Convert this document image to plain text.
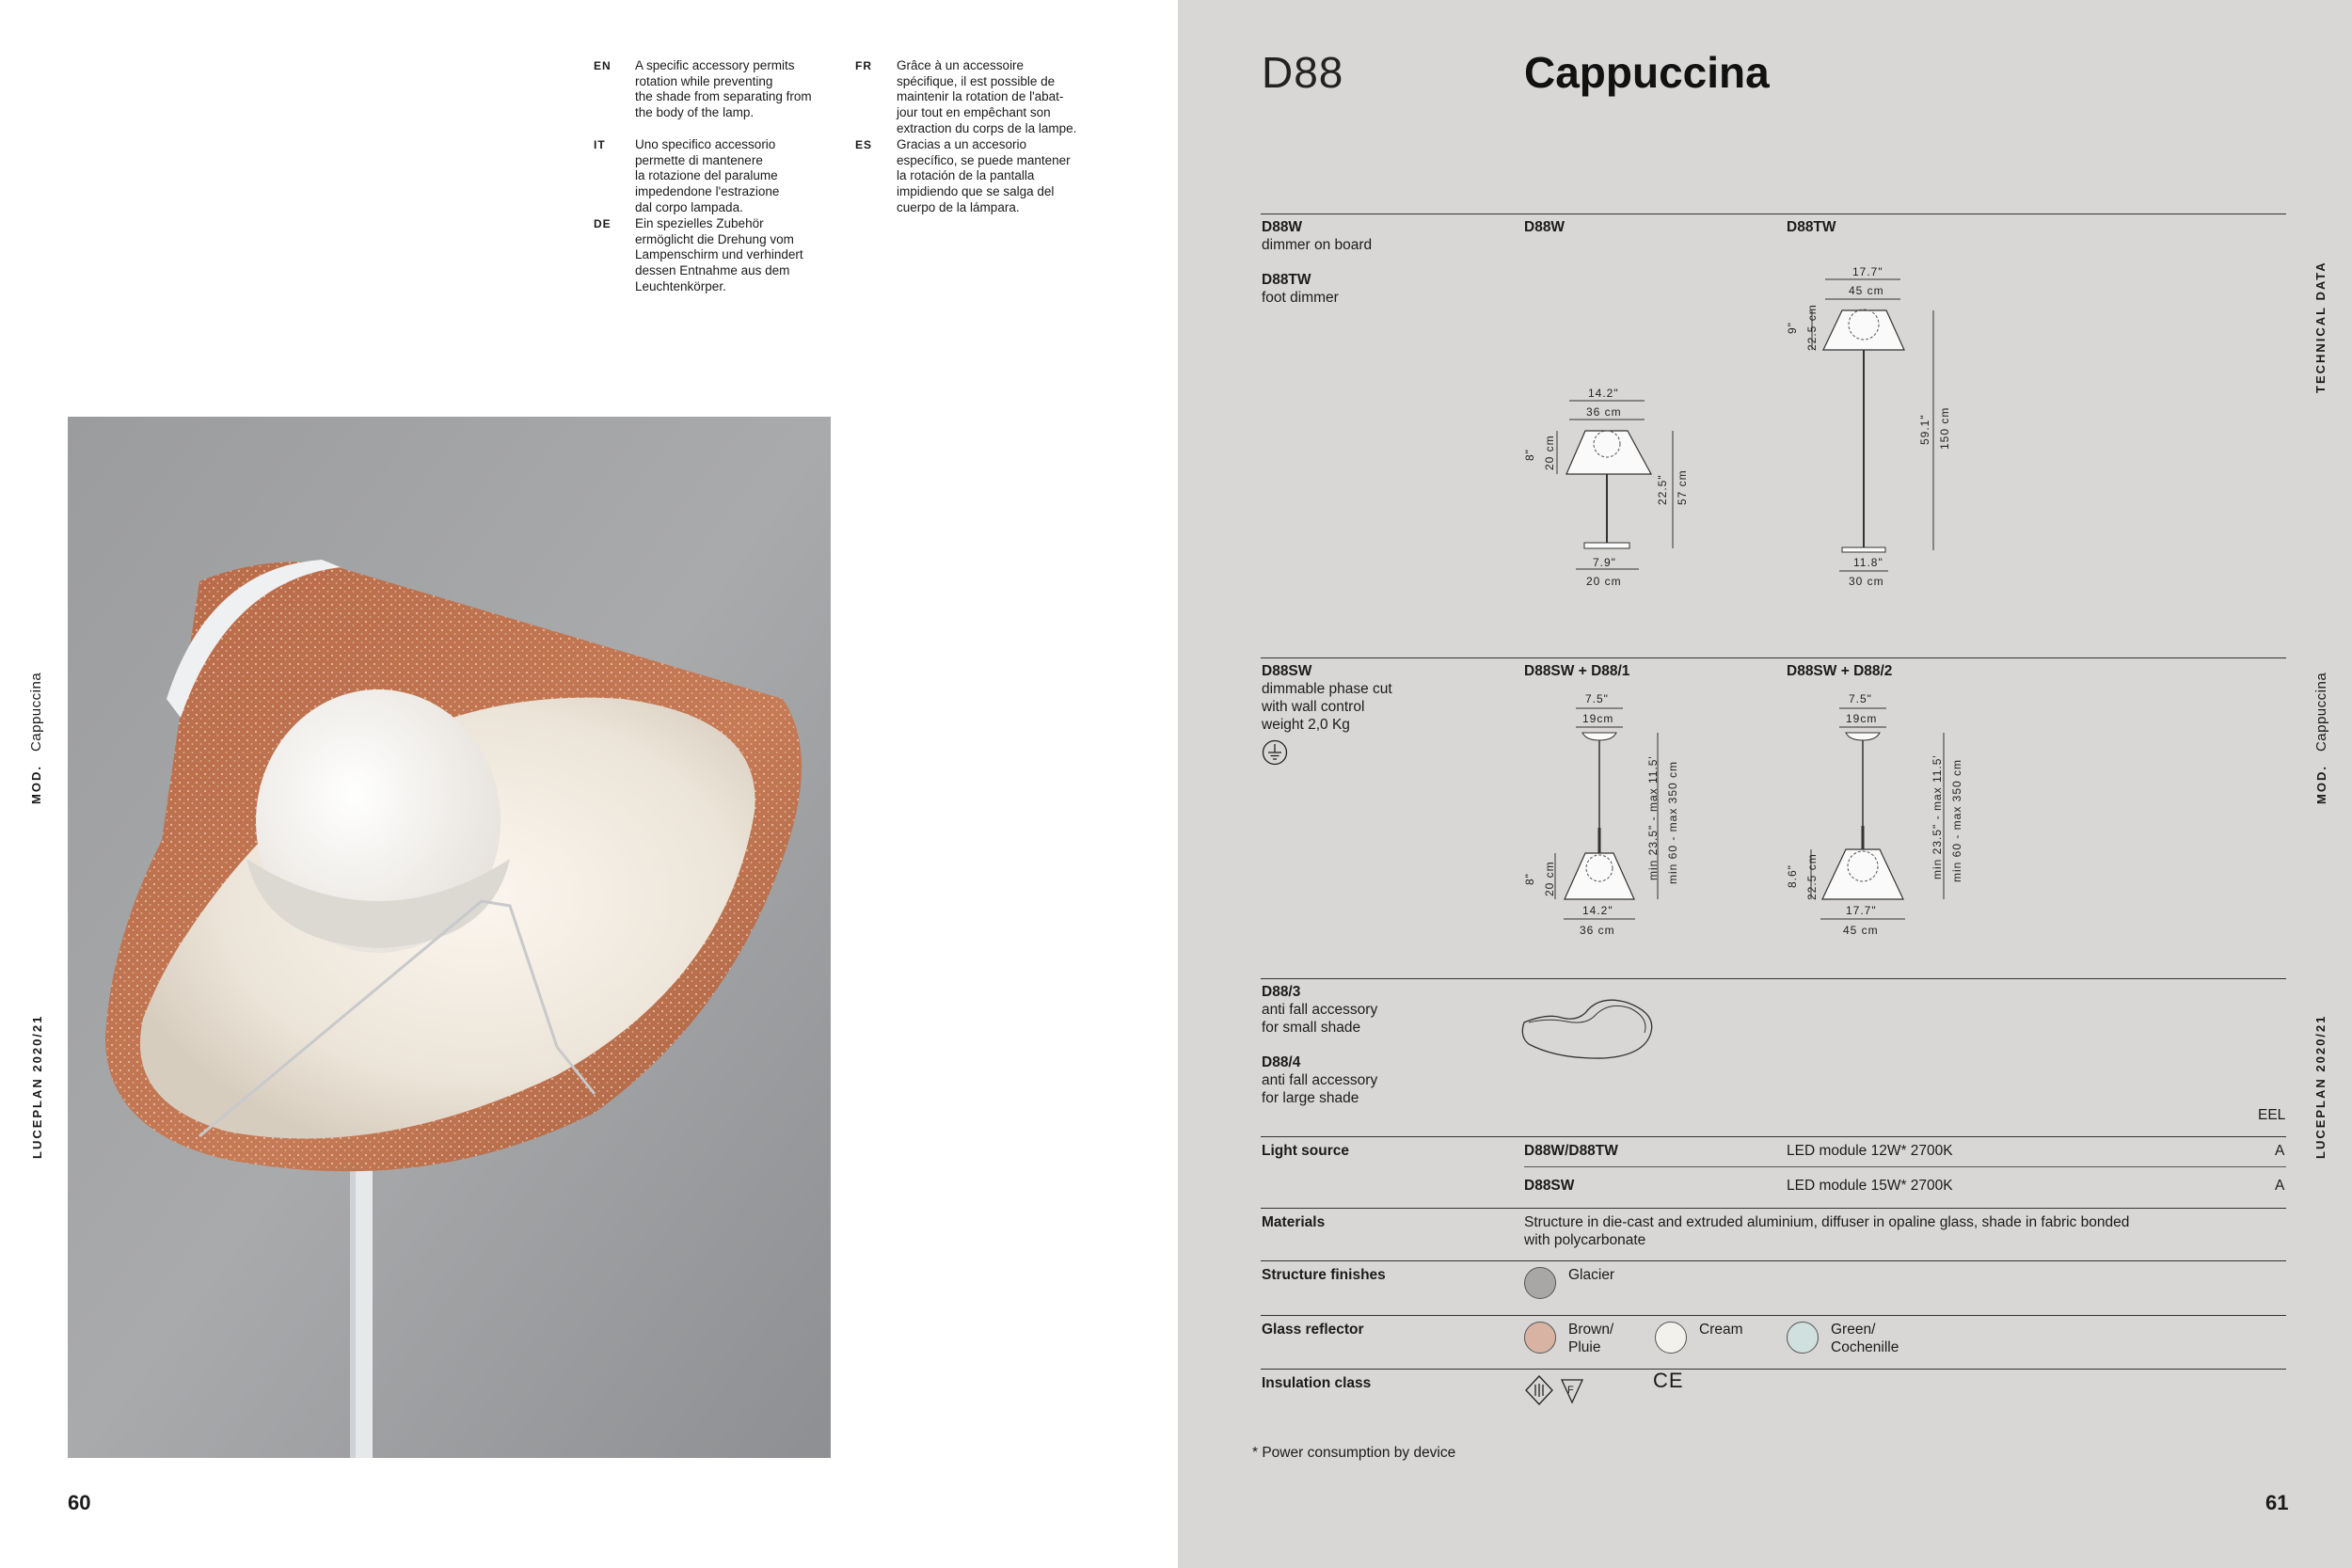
EN A specific accessory permits
rotation while preventing
the shade from separating from
the body of the lamp.
IT Uno specifico accessorio
permette di mantenere
la rotazione del paralume
impedendone l'estrazione
dal corpo lampada.
DE Ein spezielles Zubehör
ermöglicht die Drehung vom
Lampenschirm und verhindert
dessen Entnahme aus dem
Leuchtenkörper.
FR Grâce à un accessoire
spécifique, il est possible de
maintenir la rotation de l'abat-
jour tout en empêchant son
extraction du corps de la lampe.
ES Gracias a un accesorio
específico, se puede mantener
la rotación de la pantalla
impidiendo que se salga del
cuerpo de la lámpara.
MOD.Cappuccina
LUCEPLAN 2020/21
60
D88	Cappuccina
TECHNICAL DATA
MOD.Cappuccina
LUCEPLAN 2020/21
D88W
dimmer on board
D88TW
foot dimmer
D88W	D88TW
14.2"
36 cm
8" 20 cm
22.5" 57 cm
7.9"
20 cm
17.7"
45 cm
9" 22.5 cm
59.1" 150 cm
11.8"
30 cm
D88SW
dimmable phase cut
with wall control
weight 2,0 Kg
D88SW + D88/1	D88SW + D88/2
7.5"
19cm
8" 20 cm	min 23.5" - max 11.5' min 60 - max 350 cm
14.2"
36 cm
7.5"
19cm
8.6" 22.5 cm	min 23.5" - max 11.5' min 60 - max 350 cm
17.7"
45 cm
D88/3
anti fall accessory
for small shade
D88/4
anti fall accessory
for large shade
EEL
Light source	D88W/D88TW	LED module 12W* 2700K	A
D88SW	LED module 15W* 2700K	A
Materials	Structure in die-cast and extruded aluminium, diffuser in opaline glass, shade in fabric bonded
with polycarbonate
Structure finishes	Glacier
Glass reflector	Brown/
Pluie
Cream	Green/
Cochenille
Insulation class	F	CE
* Power consumption by device
61
